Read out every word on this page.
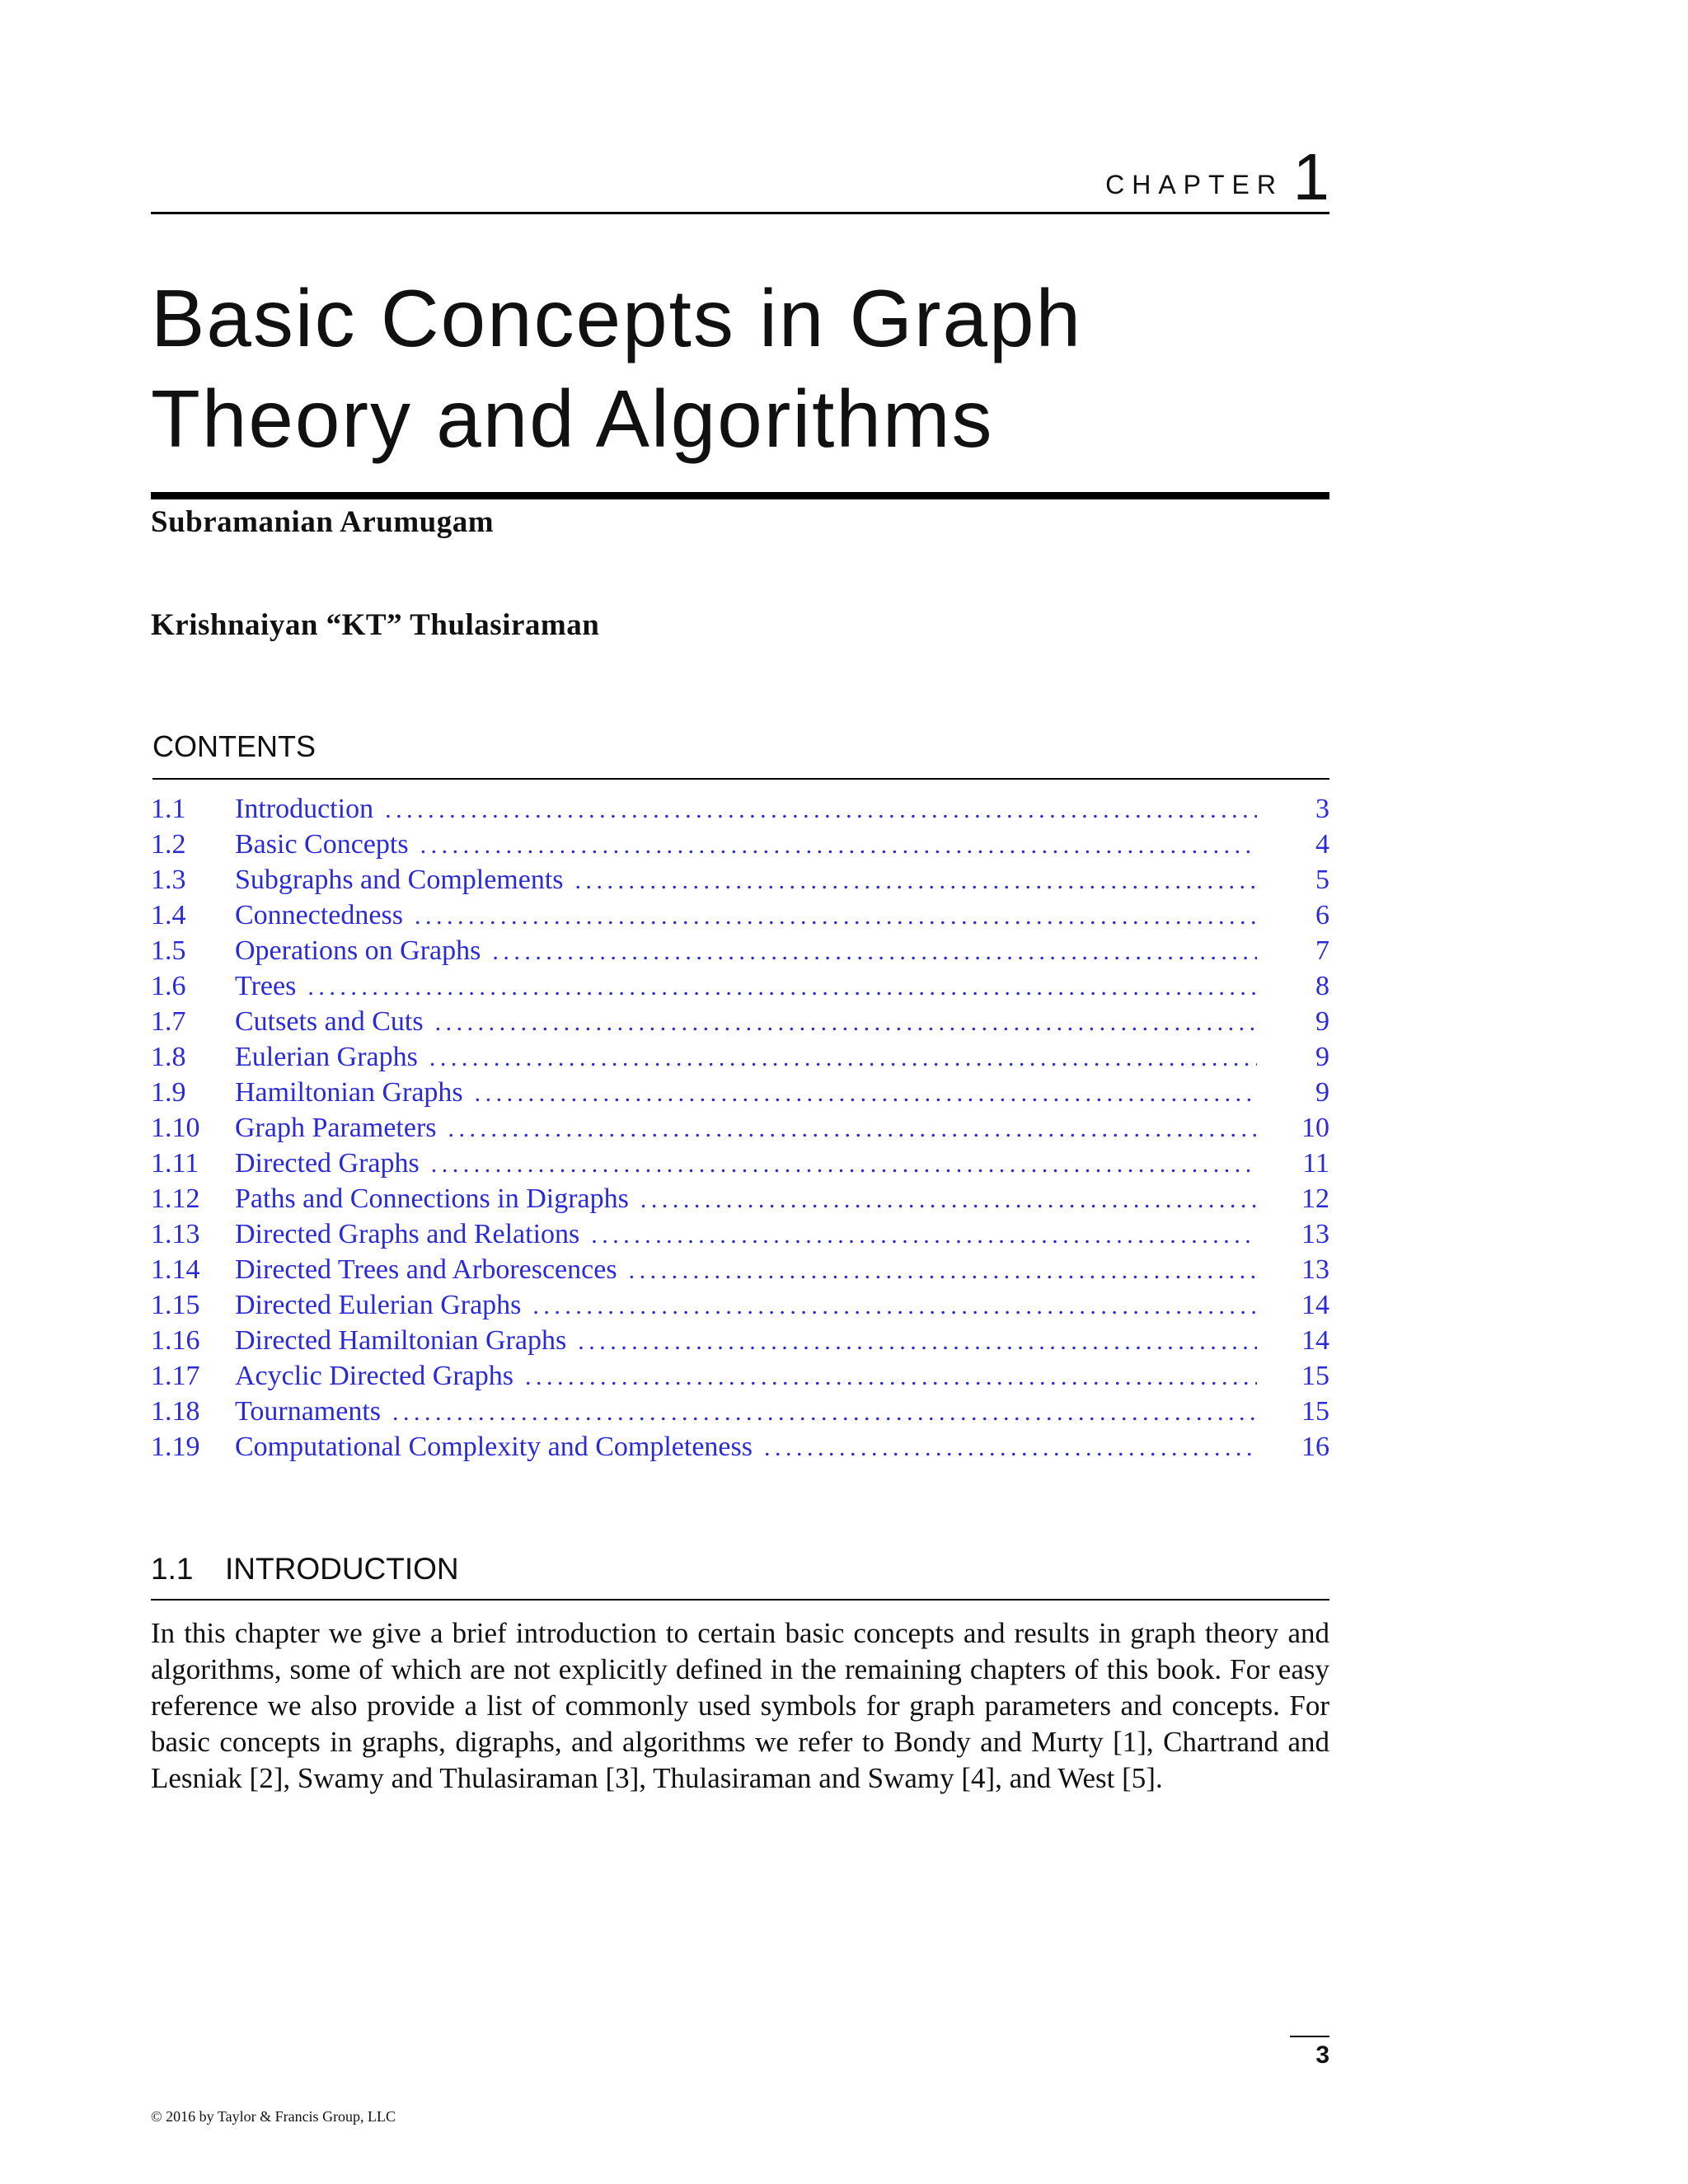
CHAPTER 1
Basic Concepts in Graph
Theory and Algorithms
Subramanian Arumugam
Krishnaiyan “KT” Thulasiraman
CONTENTS
1.1	Introduction . . .	3
1.2	Basic Concepts . . .	4
1.3	Subgraphs and Complements . . .	5
1.4	Connectedness . . .	6
1.5	Operations on Graphs . . .	7
1.6	Trees . . .	8
1.7	Cutsets and Cuts . . .	9
1.8	Eulerian Graphs . . .	9
1.9	Hamiltonian Graphs . . .	9
1.10	Graph Parameters . . .	10
1.11	Directed Graphs . . .	11
1.12	Paths and Connections in Digraphs . . .	12
1.13	Directed Graphs and Relations . . .	13
1.14	Directed Trees and Arborescences . . .	13
1.15	Directed Eulerian Graphs . . .	14
1.16	Directed Hamiltonian Graphs . . .	14
1.17	Acyclic Directed Graphs . . .	15
1.18	Tournaments . . .	15
1.19	Computational Complexity and Completeness . . .	16
1.1 INTRODUCTION

In this chapter we give a brief introduction to certain basic concepts and results in graph theory and algorithms, some of which are not explicitly defined in the remaining chapters of this book. For easy reference we also provide a list of commonly used symbols for graph parameters and concepts. For basic concepts in graphs, digraphs, and algorithms we refer to Bondy and Murty [1], Chartrand and Lesniak [2], Swamy and Thulasiraman [3], Thulasiraman and Swamy [4], and West [5].

3
© 2016 by Taylor & Francis Group, LLC
